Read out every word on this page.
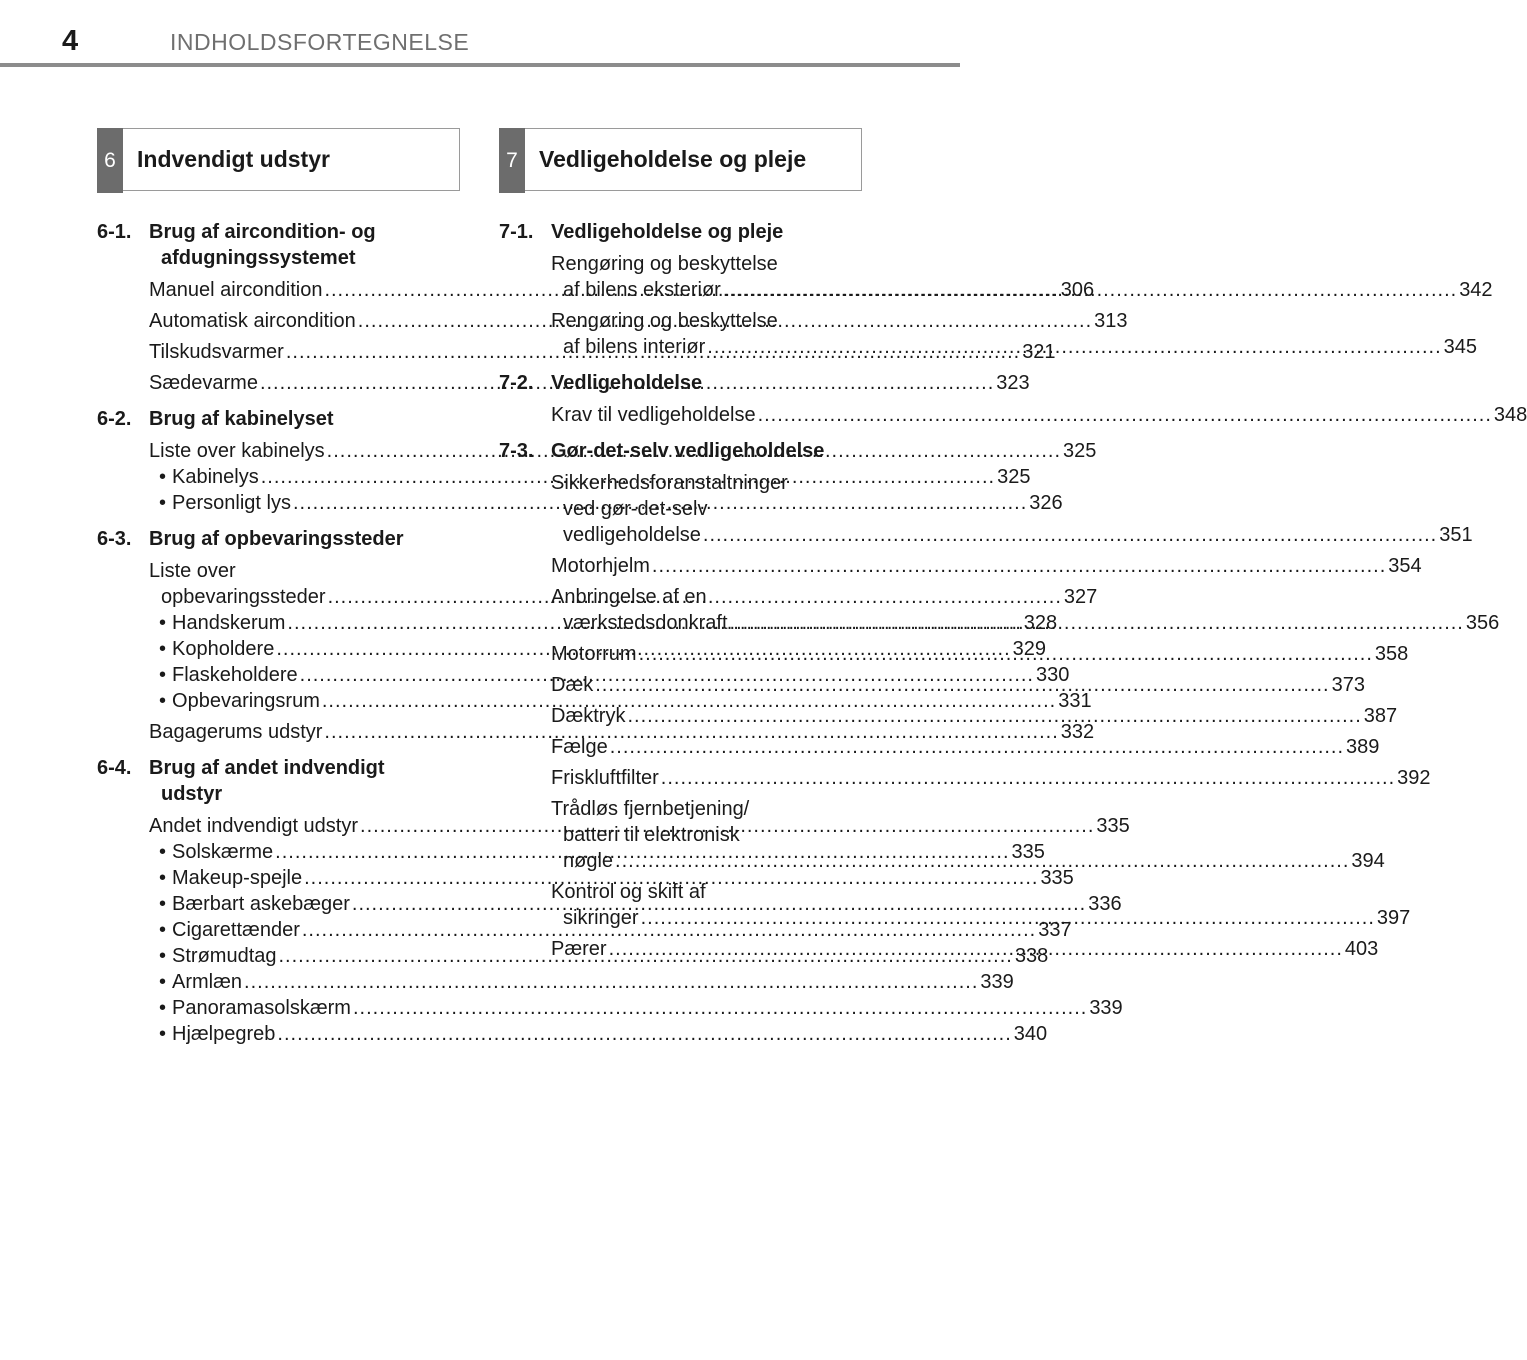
4	INDHOLDSFORTEGNELSE
6 Indvendigt udstyr
6-1. Brug af aircondition- og
afdugningssystemet
Manuel aircondition .....	306
Automatisk aircondition .....	313
Tilskudsvarmer .....	321
Sædevarme .....	323
6-2. Brug af kabinelyset
Liste over kabinelys .....	325
• Kabinelys .....	325
• Personligt lys .....	326
6-3. Brug af opbevaringssteder
Liste over
opbevaringssteder .....	327
• Handskerum .....	328
• Kopholdere .....	329
• Flaskeholdere .....	330
• Opbevaringsrum .....	331
Bagagerums udstyr .....	332
6-4. Brug af andet indvendigt
udstyr
Andet indvendigt udstyr .....	335
• Solskærme .....	335
• Makeup-spejle .....	335
• Bærbart askebæger .....	336
• Cigarettænder .....	337
• Strømudtag .....	338
• Armlæn .....	339
• Panoramasolskærm .....	339
• Hjælpegreb .....	340
7 Vedligeholdelse og pleje
7-1. Vedligeholdelse og pleje
Rengøring og beskyttelse
af bilens eksteriør .....	342
Rengøring og beskyttelse
af bilens interiør .....	345
7-2. Vedligeholdelse
Krav til vedligeholdelse .....	348
7-3. Gør-det-selv vedligeholdelse
Sikkerhedsforanstaltninger
ved gør-det-selv
vedligeholdelse .....	351
Motorhjelm .....	354
Anbringelse af en
værkstedsdonkraft .....	356
Motorrum .....	358
Dæk .....	373
Dæktryk .....	387
Fælge .....	389
Friskluftfilter .....	392
Trådløs fjernbetjening/
batteri til elektronisk
nøgle .....	394
Kontrol og skift af
sikringer .....	397
Pærer .....	403
